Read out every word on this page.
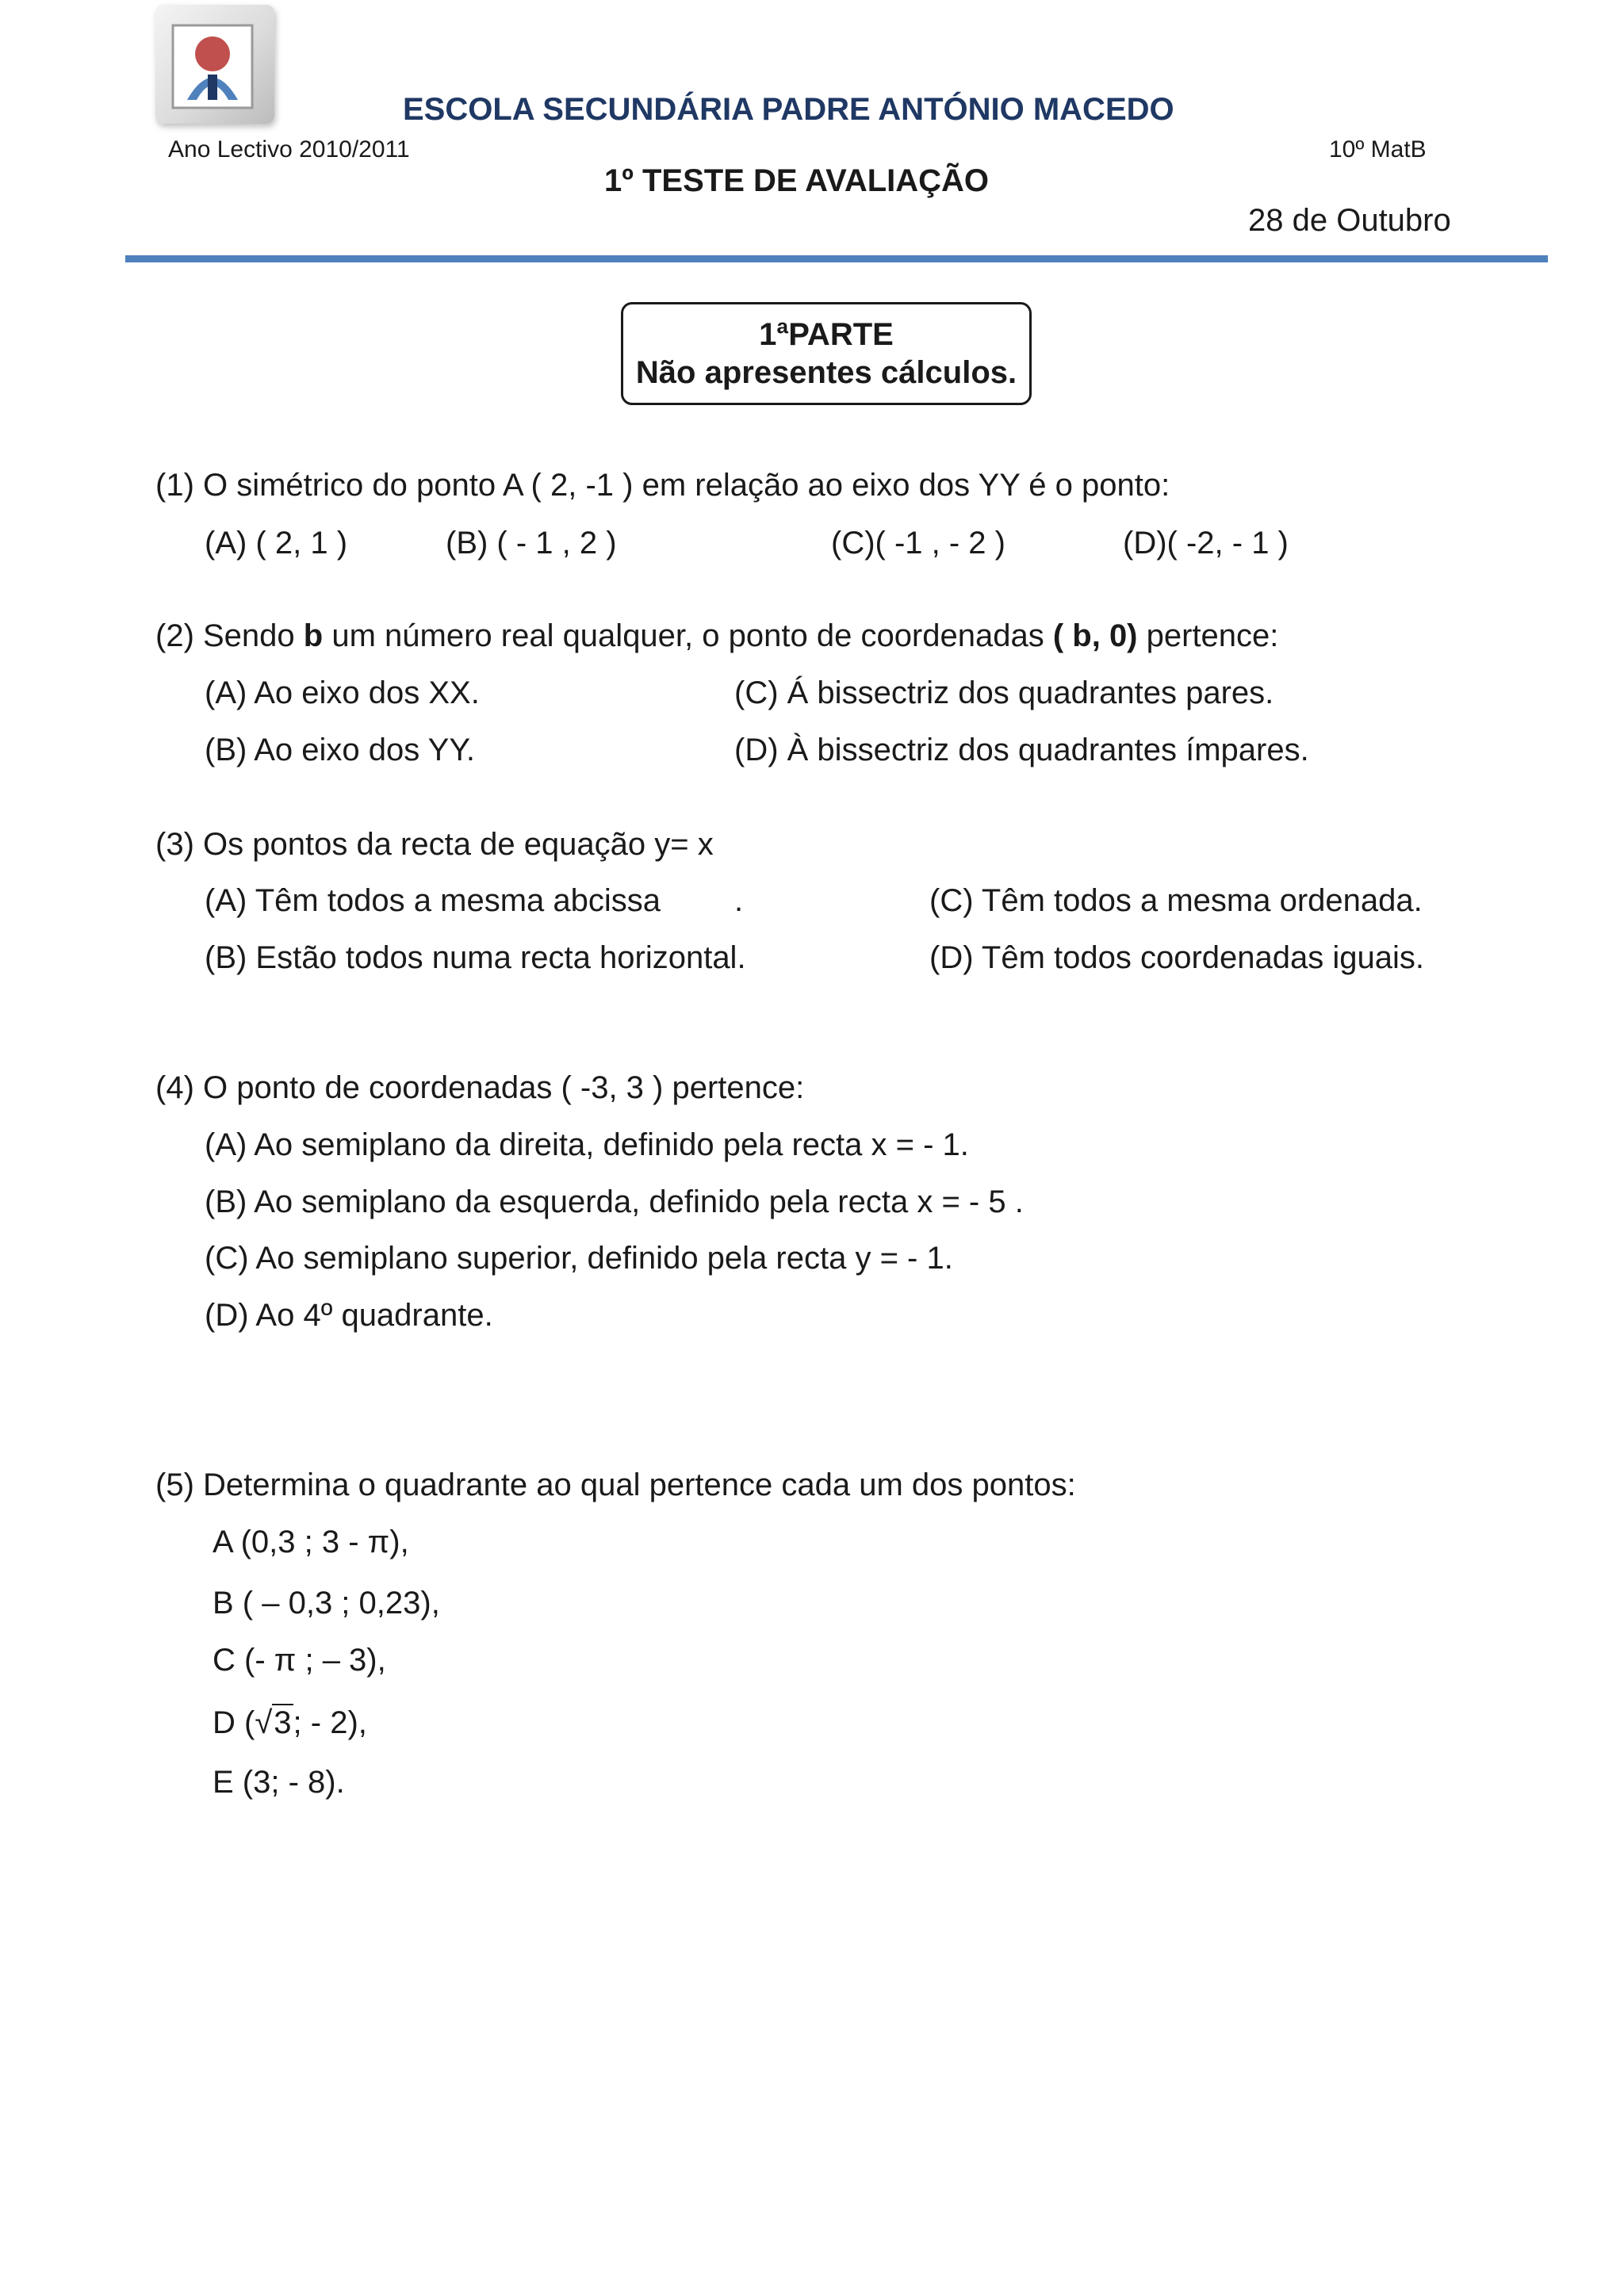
ESCOLA SECUNDÁRIA PADRE ANTÓNIO MACEDO
Ano Lectivo 2010/2011	10º MatB
1º TESTE DE AVALIAÇÃO
28 de Outubro
1ªPARTE
Não apresentes cálculos.
(1) O simétrico do ponto A ( 2, -1 ) em relação ao eixo dos YY é o ponto:
(A) ( 2, 1 )	(B) ( - 1 , 2 )	(C)( -1 , - 2 )	(D)( -2, - 1 )
(2) Sendo b um número real qualquer, o ponto de coordenadas ( b, 0) pertence:
(A) Ao eixo dos XX.
(B) Ao eixo dos YY.
(C) Á bissectriz dos quadrantes pares.
(D) À bissectriz dos quadrantes ímpares.
(3) Os pontos da recta de equação y= x
(A) Têm todos a mesma abcissa .
(B) Estão todos numa recta horizontal.
(C) Têm todos a mesma ordenada.
(D) Têm todos coordenadas iguais.
(4) O ponto de coordenadas ( -3, 3 ) pertence:
(A) Ao semiplano da direita, definido pela recta x = - 1.
(B) Ao semiplano da esquerda, definido pela recta x = - 5 .
(C) Ao semiplano superior, definido pela recta y = - 1.
(D) Ao 4º quadrante.
(5) Determina o quadrante ao qual pertence cada um dos pontos:
A (0,3 ; 3 - π),
B ( – 0,3 ; 0,23),
C (- π ; – 3),
D (√3; - 2),
E (3; - 8).
